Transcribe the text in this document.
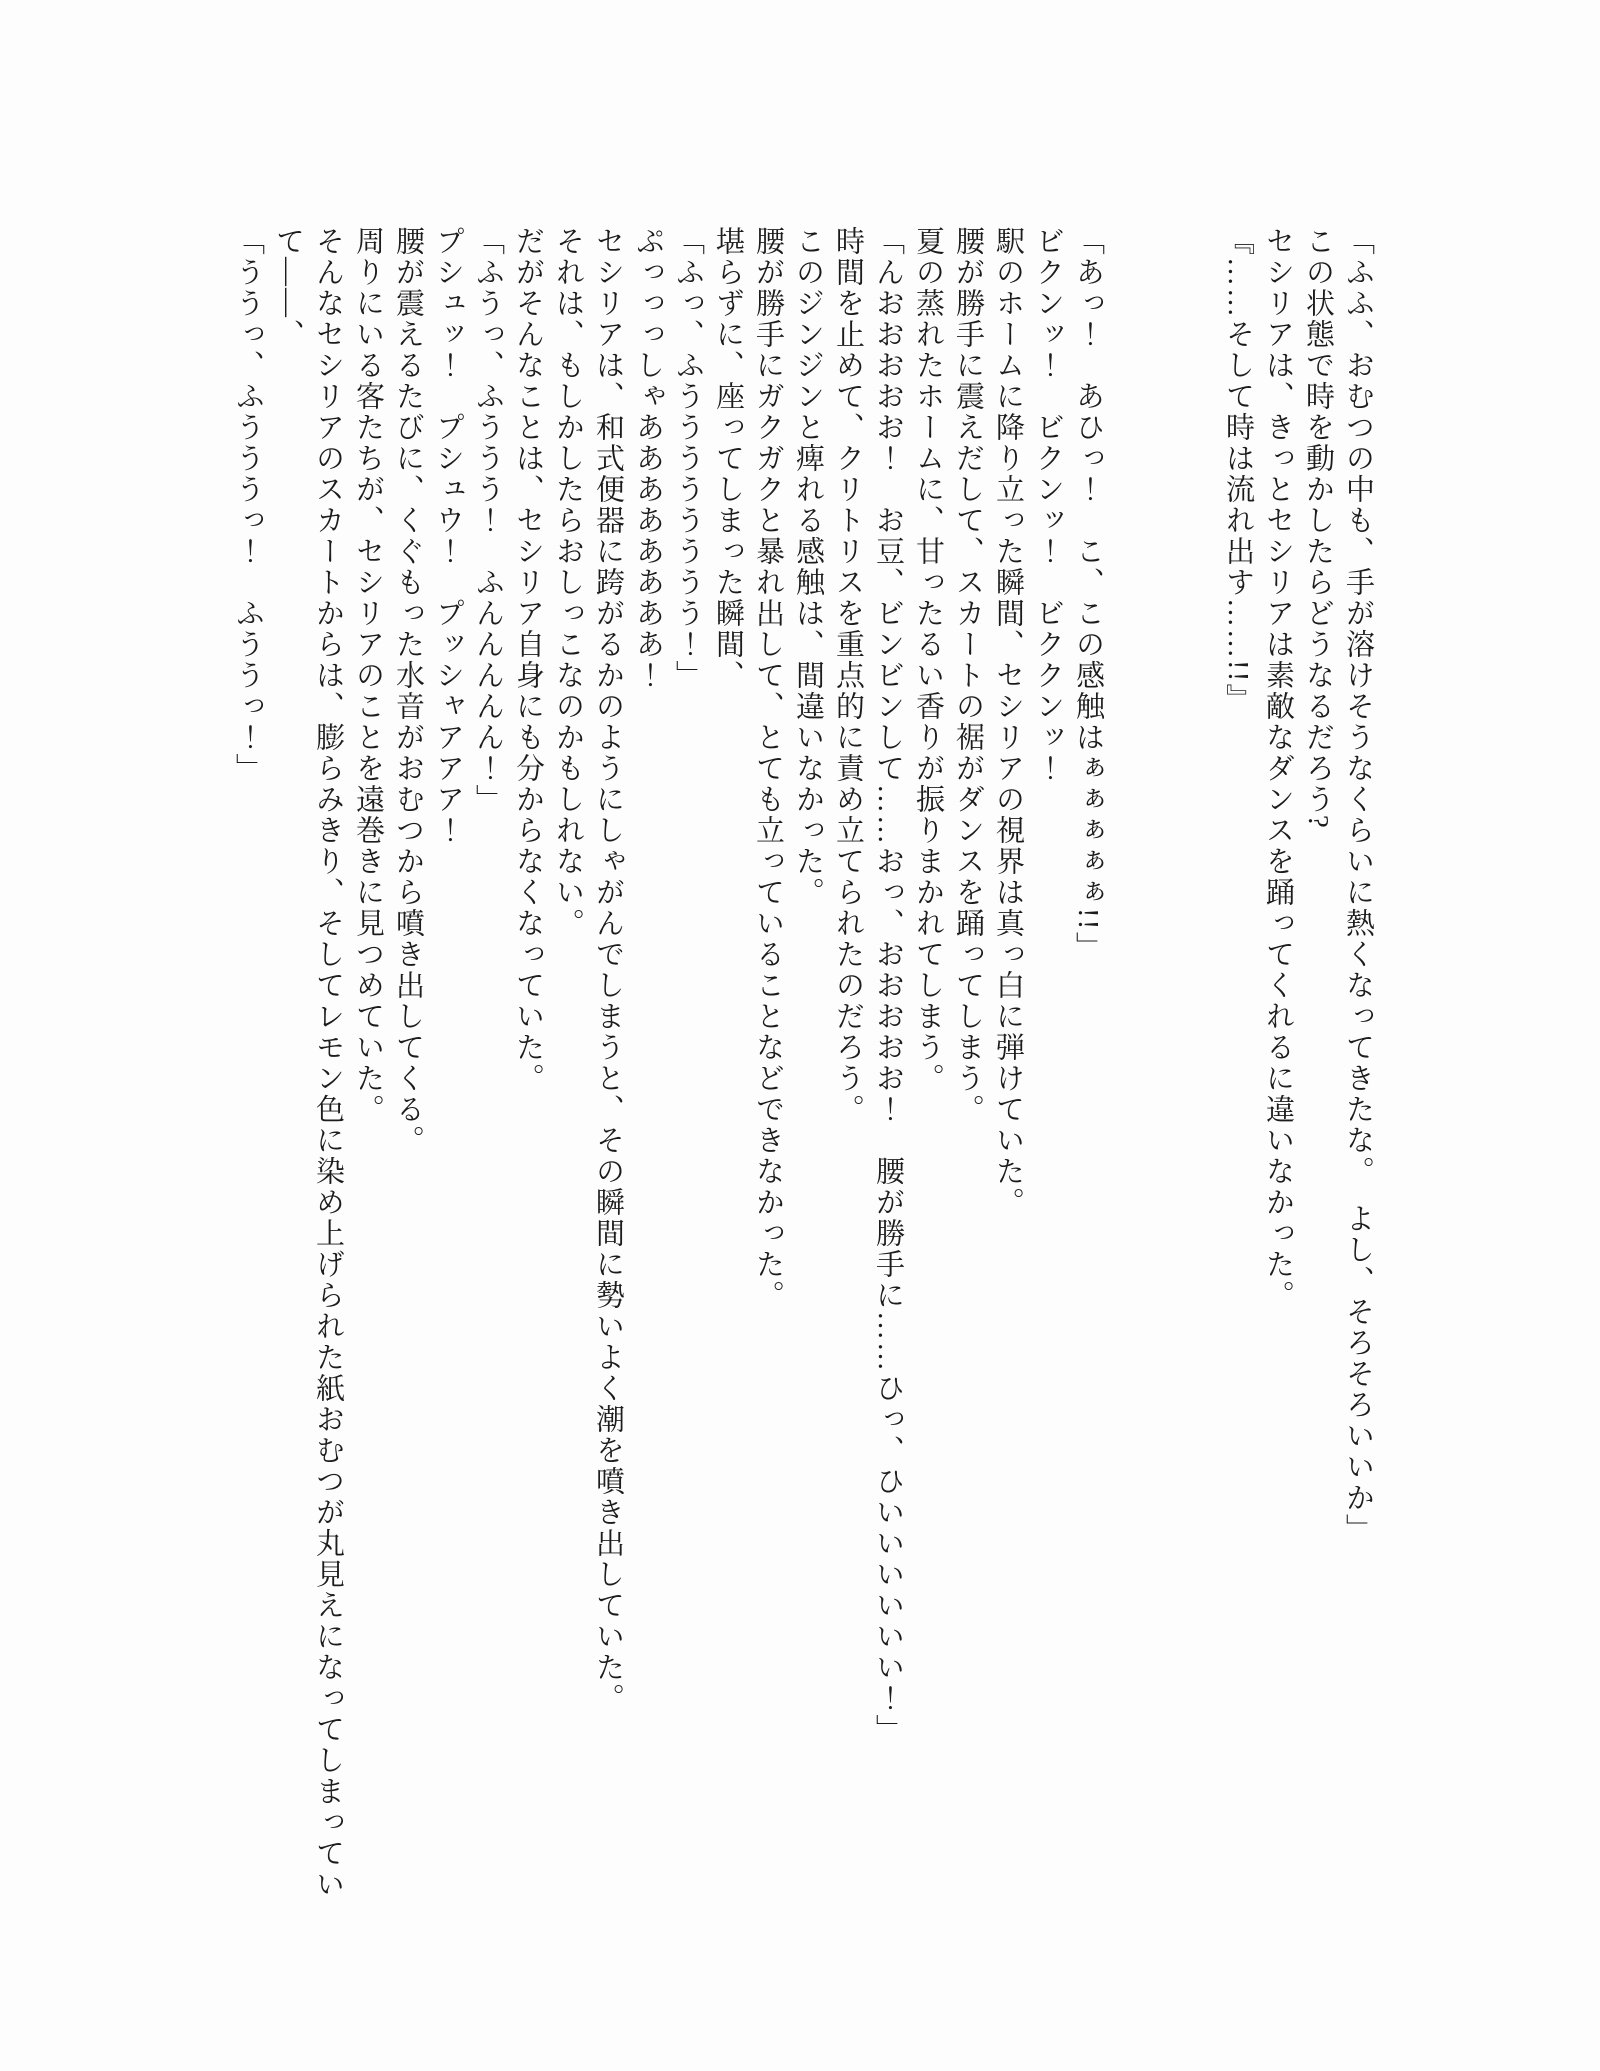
「ふふ、おむつの中も、手が溶けそうなくらいに熱くなってきたな。　よし、そろそろいいか」

この状態で時を動かしたらどうなるだろう?

セシリアは、きっとセシリアは素敵なダンスを踊ってくれるに違いなかった。

『……そして時は流れ出す……!!』

「あっ！　あひっ！　こ、この感触はぁぁぁぁぁ!!」

ビクンッ！　ビクンッ！　ビククンッ！

駅のホームに降り立った瞬間、セシリアの視界は真っ白に弾けていた。

腰が勝手に震えだして、スカートの裾がダンスを踊ってしまう。

夏の蒸れたホームに、甘ったるい香りが振りまかれてしまう。

「んおおおおお！　お豆、ビンビンして……おっ、おおおおお！　腰が勝手に……ひっ、ひいいいいいい！」

時間を止めて、クリトリスを重点的に責め立てられたのだろう。

このジンジンと痺れる感触は、間違いなかった。

腰が勝手にガクガクと暴れ出して、とても立っていることなどできなかった。

堪らずに、座ってしまった瞬間、

「ふっ、ふうううううううう！」

ぷっっっしゃああああああああ！

セシリアは、和式便器に跨がるかのようにしゃがんでしまうと、その瞬間に勢いよく潮を噴き出していた。

それは、もしかしたらおしっこなのかもしれない。

だがそんなことは、セシリア自身にも分からなくなっていた。

「ふうっ、ふううう！　ふんんんんん！」

プシュッ！　プシュウ！　プッシャアアア！

腰が震えるたびに、くぐもった水音がおむつから噴き出してくる。

周りにいる客たちが、セシリアのことを遠巻きに見つめていた。

そんなセシリアのスカートからは、膨らみきり、そしてレモン色に染め上げられた紙おむつが丸見えになってしまっていて――、

「ううっ、ふうううっ！　ふううっ！」
